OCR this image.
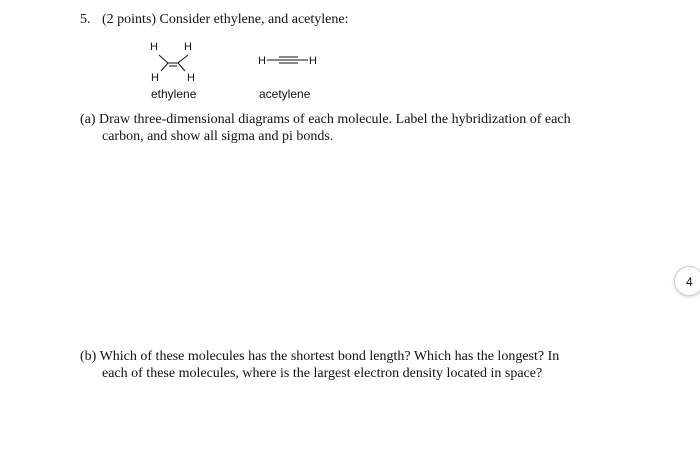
5. (2 points) Consider ethylene, and acetylene:
H H
H	H
H	H
ethylene	acetylene
(a) Draw three-dimensional diagrams of each molecule. Label the hybridization of each
carbon, and show all sigma and pi bonds.
4
(b) Which of these molecules has the shortest bond length? Which has the longest? In
each of these molecules, where is the largest electron density located in space?
